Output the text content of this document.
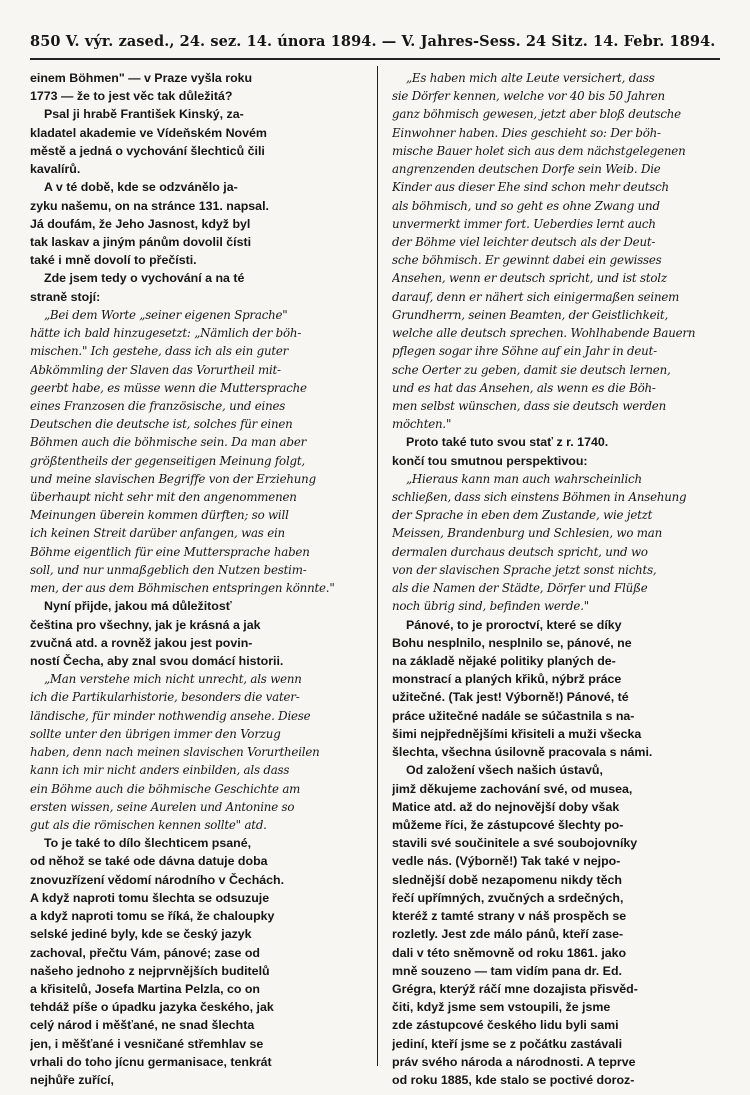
850 V. výr. zased., 24. sez. 14. února 1894. — V. Jahres-Sess. 24 Sitz. 14. Febr. 1894.
einem Böhmen" — v Praze vyšla roku
1773 — že to jest věc tak důležitá?
Psal ji hrabě František Kinský, za-
kladatel akademie ve Vídeňském Novém
městě a jedná o vychování šlechticů čili
kavalírů.
A v té době, kde se odzvánělo ja-
zyku našemu, on na stránce 131. napsal.
Já doufám, že Jeho Jasnost, když byl
tak laskav a jiným pánům dovolil čísti
také i mně dovolí to přečísti.
Zde jsem tedy o vychování a na té
straně stojí:
„Bei dem Worte „seiner eigenen Sprache"
hätte ich bald hinzugesetzt: „Nämlich der böh-
mischen." Ich gestehe, dass ich als ein guter
Abkömmling der Slaven das Vorurtheil mit-
geerbt habe, es müsse wenn die Muttersprache
eines Franzosen die französische, und eines
Deutschen die deutsche ist, solches für einen
Böhmen auch die böhmische sein. Da man aber
größtentheils der gegenseitigen Meinung folgt,
und meine slavischen Begriffe von der Erziehung
überhaupt nicht sehr mit den angenommenen
Meinungen überein kommen dürften; so will
ich keinen Streit darüber anfangen, was ein
Böhme eigentlich für eine Muttersprache haben
soll, und nur unmaßgeblich den Nutzen bestim-
men, der aus dem Böhmischen entspringen könnte."
Nyní přijde, jakou má důležitosť
čeština pro všechny, jak je krásná a jak
zvučná atd. a rovněž jakou jest povin-
ností Čecha, aby znal svou domácí historii.
„Man verstehe mich nicht unrecht, als wenn
ich die Partikularhistorie, besonders die vater-
ländische, für minder nothwendig ansehe. Diese
sollte unter den übrigen immer den Vorzug
haben, denn nach meinen slavischen Vorurtheilen
kann ich mir nicht anders einbilden, als dass
ein Böhme auch die böhmische Geschichte am
ersten wissen, seine Aurelen und Antonine so
gut als die römischen kennen sollte" atd.
To je také to dílo šlechticem psané,
od něhož se také ode dávna datuje doba
znovuzřízení vědomí národního v Čechách.
A když naproti tomu šlechta se odsuzuje
a když naproti tomu se říká, že chaloupky
selské jediné byly, kde se český jazyk
zachoval, přečtu Vám, pánové; zase od
našeho jednoho z nejprvnějších buditelů
a křisitelů, Josefa Martina Pelzla, co on
tehdáž píše o úpadku jazyka českého, jak
celý národ i měšťané, ne snad šlechta
jen, i měšťané i vesničané střemhlav se
vrhali do toho jícnu germanisace, tenkrát
nejhůře zuřící,
„Es haben mich alte Leute versichert, dass
sie Dörfer kennen, welche vor 40 bis 50 Jahren
ganz böhmisch gewesen, jetzt aber bloß deutsche
Einwohner haben. Dies geschieht so: Der böh-
mische Bauer holet sich aus dem nächstgelegenen
angrenzenden deutschen Dorfe sein Weib. Die
Kinder aus dieser Ehe sind schon mehr deutsch
als böhmisch, und so geht es ohne Zwang und
unvermerkt immer fort. Ueberdies lernt auch
der Böhme viel leichter deutsch als der Deut-
sche böhmisch. Er gewinnt dabei ein gewisses
Ansehen, wenn er deutsch spricht, und ist stolz
darauf, denn er nähert sich einigermaßen seinem
Grundherrn, seinen Beamten, der Geistlichkeit,
welche alle deutsch sprechen. Wohlhabende Bauern
pflegen sogar ihre Söhne auf ein Jahr in deut-
sche Oerter zu geben, damit sie deutsch lernen,
und es hat das Ansehen, als wenn es die Böh-
men selbst wünschen, dass sie deutsch werden
möchten."
Proto také tuto svou stať z r. 1740.
končí tou smutnou perspektivou:
„Hieraus kann man auch wahrscheinlich
schließen, dass sich einstens Böhmen in Ansehung
der Sprache in eben dem Zustande, wie jetzt
Meissen, Brandenburg und Schlesien, wo man
dermalen durchaus deutsch spricht, und wo
von der slavischen Sprache jetzt sonst nichts,
als die Namen der Städte, Dörfer und Flüße
noch übrig sind, befinden werde."
Pánové, to je proroctví, které se díky
Bohu nesplnilo, nesplnilo se, pánové, ne
na základě nějaké politiky planých de-
monstrací a planých křiků, nýbrž práce
užitečné. (Tak jest! Výborně!) Pánové, té
práce užitečné nadále se súčastnila s na-
šimi nejpřednějšími křisiteli a muži všecka
šlechta, všechna úsilovně pracovala s námi.
Od založení všech našich ústavů,
jimž děkujeme zachování své, od musea,
Matice atd. až do nejnovější doby však
můžeme říci, že zástupcové šlechty po-
stavili své součinitele a své soubojovníky
vedle nás. (Výborně!) Tak také v nejpo-
slednější době nezapomenu nikdy těch
řečí upřímných, zvučných a srdečných,
kteréž z tamté strany v náš prospěch se
rozletly. Jest zde málo pánů, kteří zase-
dali v této sněmovně od roku 1861. jako
mně souzeno — tam vidím pana dr. Ed.
Grégra, kterýž ráčí mne dozajista přisvěd-
čiti, když jsme sem vstoupili, že jsme
zde zástupcové českého lidu byli sami
jediní, kteří jsme se z počátku zastávali
práv svého národa a národnosti. A teprve
od roku 1885, kde stalo se poctivé doroz-
